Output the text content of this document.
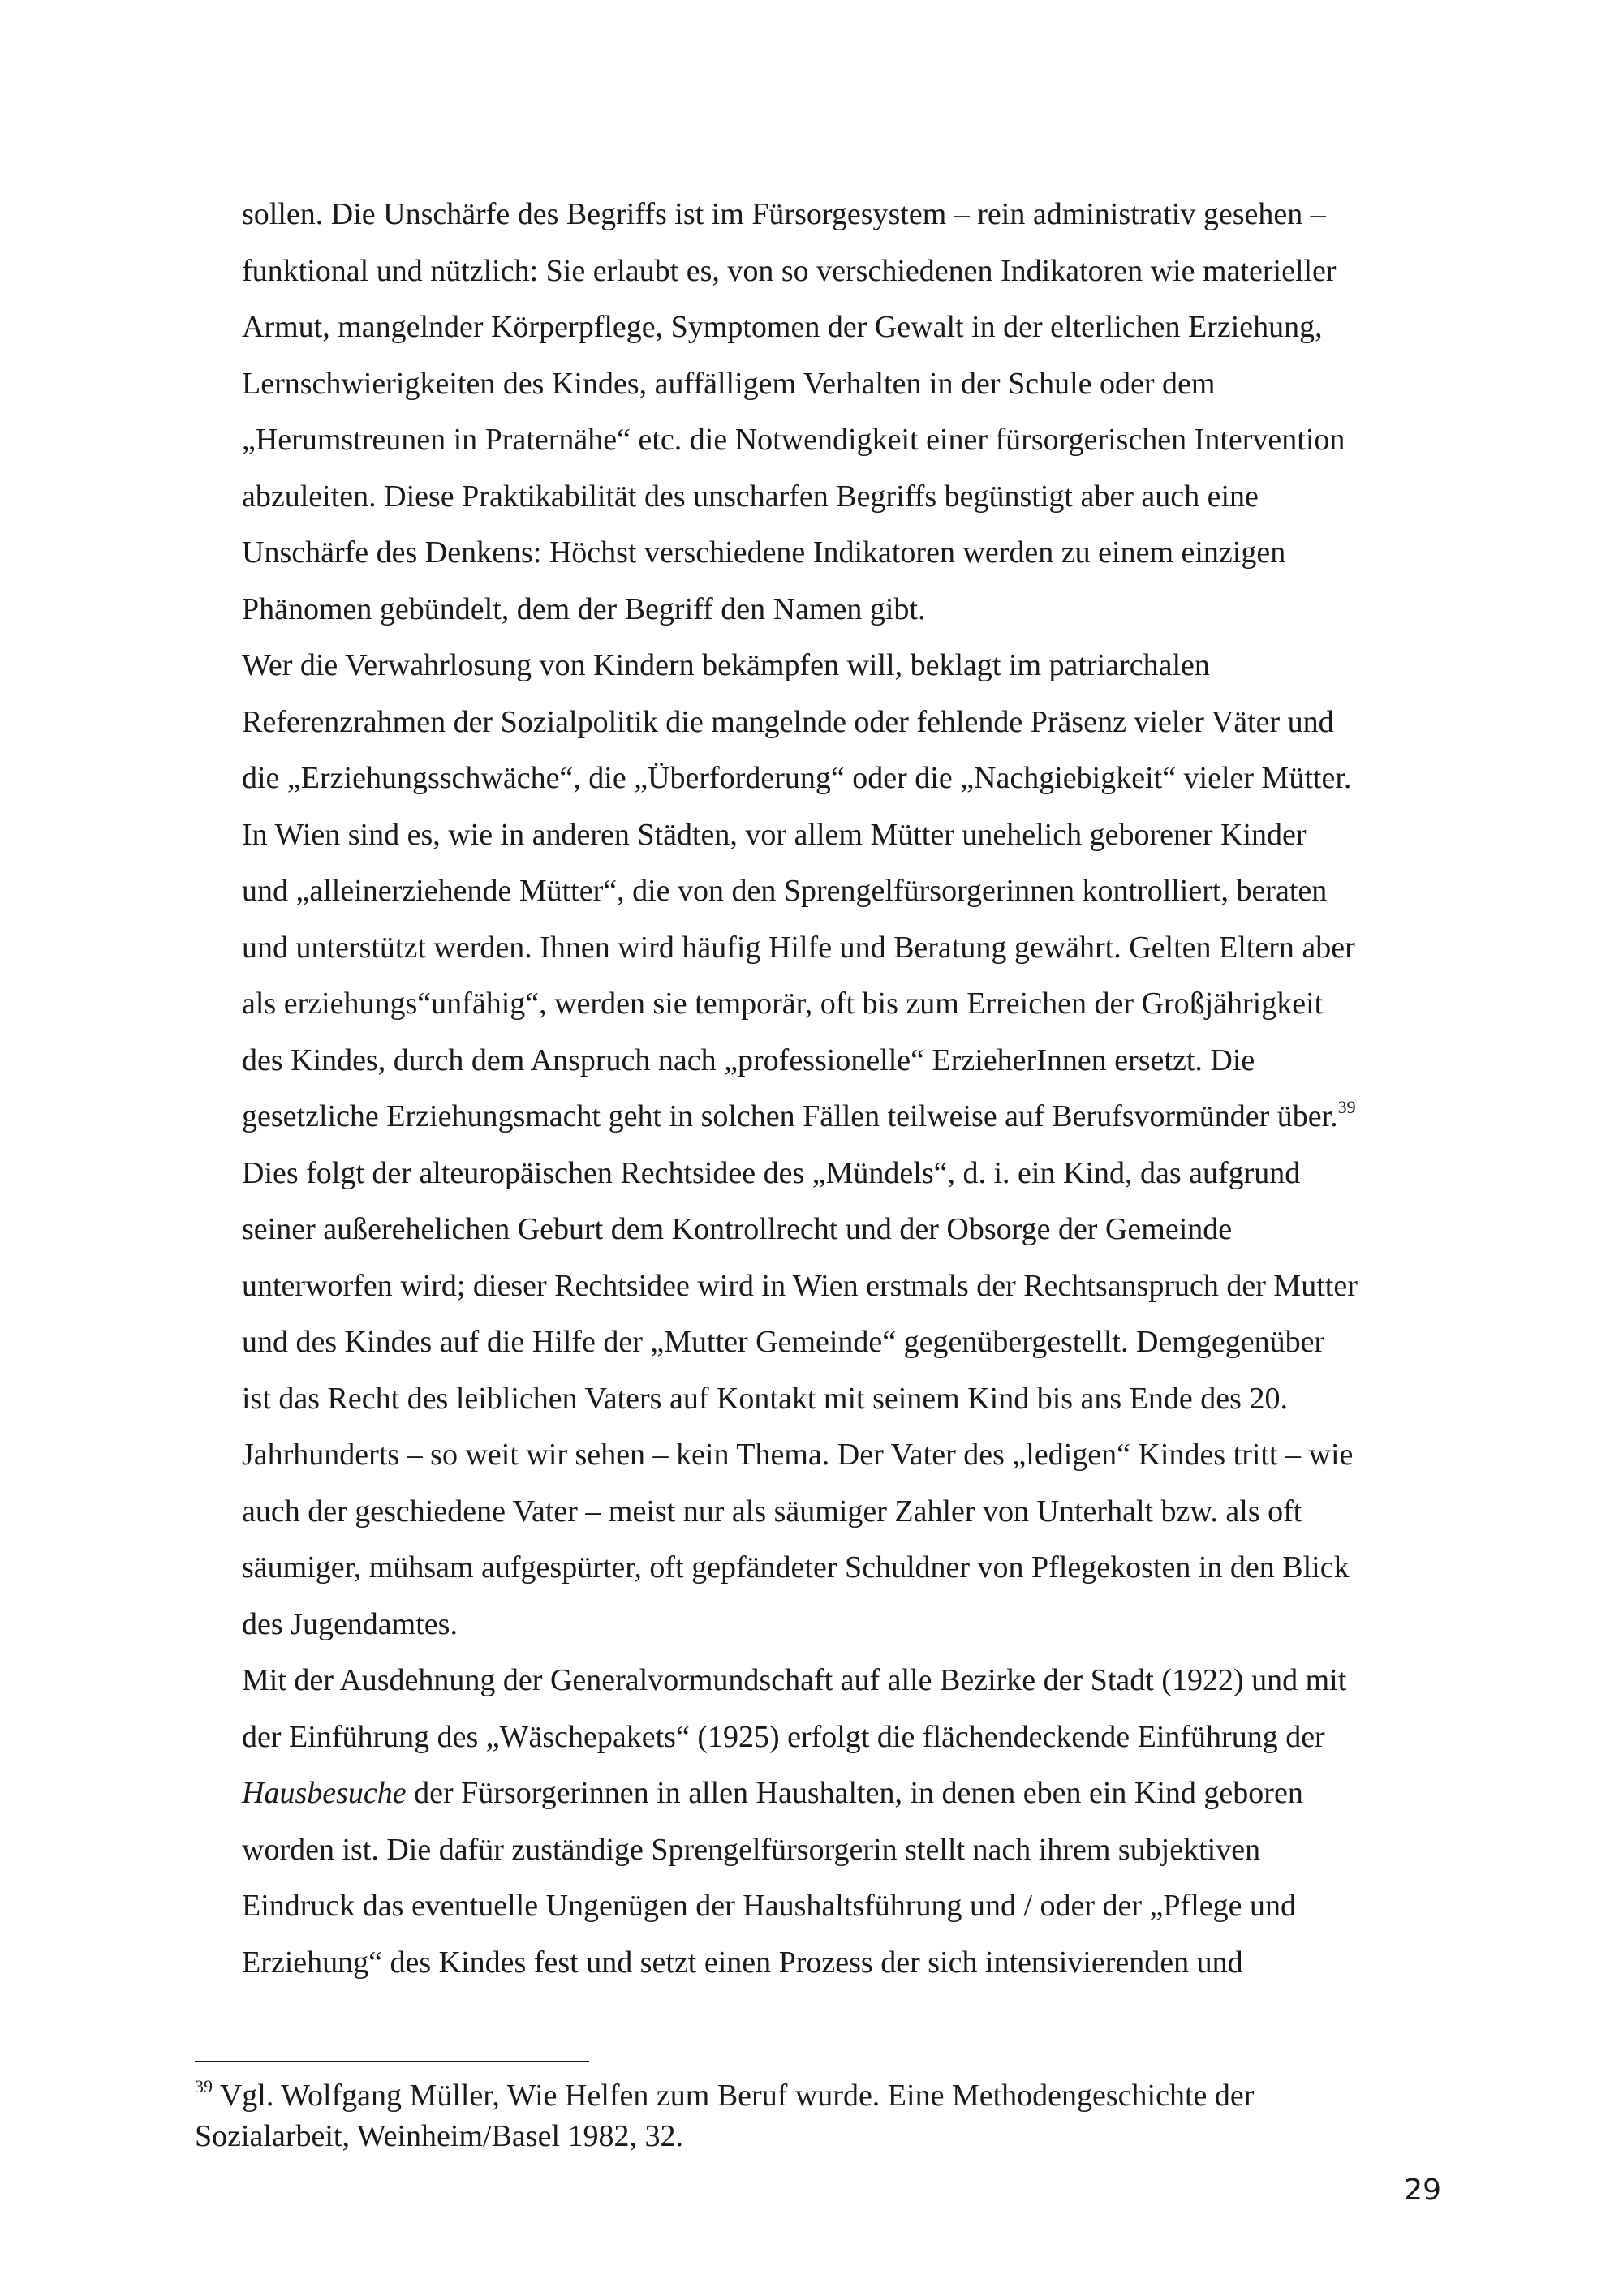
sollen. Die Unschärfe des Begriffs ist im Fürsorgesystem – rein administrativ gesehen –
funktional und nützlich: Sie erlaubt es, von so verschiedenen Indikatoren wie materieller
Armut, mangelnder Körperpflege, Symptomen der Gewalt in der elterlichen Erziehung,
Lernschwierigkeiten des Kindes, auffälligem Verhalten in der Schule oder dem
„Herumstreunen in Praternähe“ etc. die Notwendigkeit einer fürsorgerischen Intervention
abzuleiten. Diese Praktikabilität des unscharfen Begriffs begünstigt aber auch eine
Unschärfe des Denkens: Höchst verschiedene Indikatoren werden zu einem einzigen
Phänomen gebündelt, dem der Begriff den Namen gibt.
Wer die Verwahrlosung von Kindern bekämpfen will, beklagt im patriarchalen
Referenzrahmen der Sozialpolitik die mangelnde oder fehlende Präsenz vieler Väter und
die „Erziehungsschwäche“, die „Überforderung“ oder die „Nachgiebigkeit“ vieler Mütter.
In Wien sind es, wie in anderen Städten, vor allem Mütter unehelich geborener Kinder
und „alleinerziehende Mütter“, die von den Sprengelfürsorgerinnen kontrolliert, beraten
und unterstützt werden. Ihnen wird häufig Hilfe und Beratung gewährt. Gelten Eltern aber
als erziehungs“unfähig“, werden sie temporär, oft bis zum Erreichen der Großjährigkeit
des Kindes, durch dem Anspruch nach „professionelle“ ErzieherInnen ersetzt. Die
gesetzliche Erziehungsmacht geht in solchen Fällen teilweise auf Berufsvormünder über.$^{39}$
Dies folgt der alteuropäischen Rechtsidee des „Mündels“, d. i. ein Kind, das aufgrund
seiner außerehelichen Geburt dem Kontrollrecht und der Obsorge der Gemeinde
unterworfen wird; dieser Rechtsidee wird in Wien erstmals der Rechtsanspruch der Mutter
und des Kindes auf die Hilfe der „Mutter Gemeinde“ gegenübergestellt. Demgegenüber
ist das Recht des leiblichen Vaters auf Kontakt mit seinem Kind bis ans Ende des 20.
Jahrhunderts – so weit wir sehen – kein Thema. Der Vater des „ledigen“ Kindes tritt – wie
auch der geschiedene Vater – meist nur als säumiger Zahler von Unterhalt bzw. als oft
säumiger, mühsam aufgespürter, oft gepfändeter Schuldner von Pflegekosten in den Blick
des Jugendamtes.
Mit der Ausdehnung der Generalvormundschaft auf alle Bezirke der Stadt (1922) und mit
der Einführung des „Wäschepakets“ (1925) erfolgt die flächendeckende Einführung der
Hausbesuche der Fürsorgerinnen in allen Haushalten, in denen eben ein Kind geboren
worden ist. Die dafür zuständige Sprengelfürsorgerin stellt nach ihrem subjektiven
Eindruck das eventuelle Ungenügen der Haushaltsführung und / oder der „Pflege und
Erziehung“ des Kindes fest und setzt einen Prozess der sich intensivierenden und
$^{39}$ Vgl. Wolfgang Müller, Wie Helfen zum Beruf wurde. Eine Methodengeschichte der
Sozialarbeit, Weinheim/Basel 1982, 32.
29
